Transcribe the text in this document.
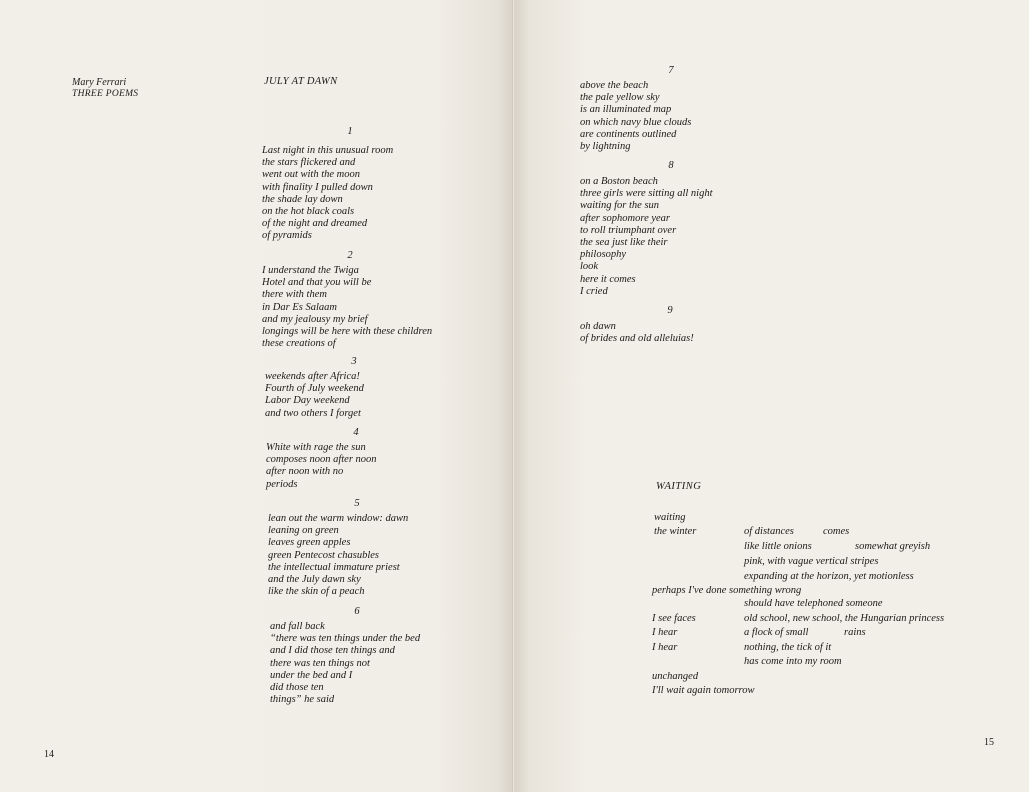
Mary Ferrari
THREE POEMS
JULY AT DAWN
1
Last night in this unusual room
the stars flickered and
went out with the moon
with finality I pulled down
the shade lay down
on the hot black coals
of the night and dreamed
of pyramids
2
I understand the Twiga
Hotel and that you will be
there with them
in Dar Es Salaam
and my jealousy my brief
longings will be here with these children
these creations of
3
weekends after Africa!
Fourth of July weekend
Labor Day weekend
and two others I forget
4
White with rage the sun
composes noon after noon
after noon with no
periods
5
lean out the warm window: dawn
leaning on green
leaves green apples
green Pentecost chasubles
the intellectual immature priest
and the July dawn sky
like the skin of a peach
6
and fall back
“there was ten things under the bed
and I did those ten things and
there was ten things not
under the bed and I
did those ten
things” he said
14
7
above the beach
the pale yellow sky
is an illuminated map
on which navy blue clouds
are continents outlined
by lightning
8
on a Boston beach
three girls were sitting all night
waiting for the sun
after sophomore year
to roll triumphant over
the sea just like their
philosophy
look
here it comes
I cried
9
oh dawn
of brides and old alleluias!
WAITING
waiting
the winter	of distances	comes
like little onions	somewhat greyish
pink, with vague vertical stripes
expanding at the horizon, yet motionless
perhaps I've done something wrong
should have telephoned someone
I see faces	old school, new school, the Hungarian princess
I hear	a flock of small	rains
I hear	nothing, the tick of it
has come into my room
unchanged
I'll wait again tomorrow
15
